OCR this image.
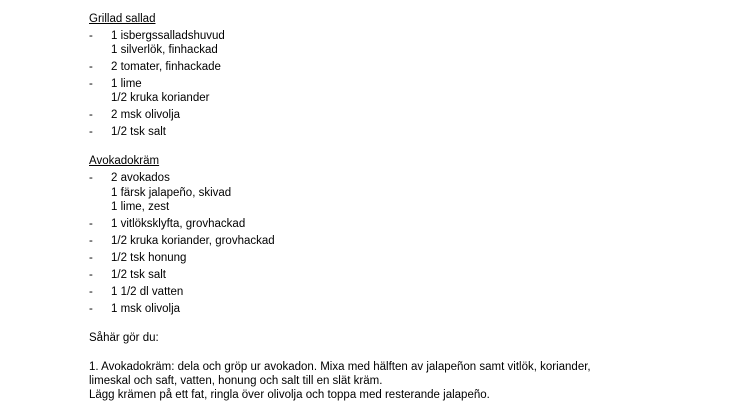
Grillad sallad
- 1 isbergssalladshuvud
1 silverlök, finhackad
- 2 tomater, finhackade
- 1 lime
1/2 kruka koriander
- 2 msk olivolja
- 1/2 tsk salt
Avokadokräm
- 2 avokados
1 färsk jalapeño, skivad
1 lime, zest
- 1 vitlöksklyfta, grovhackad
- 1/2 kruka koriander, grovhackad
- 1/2 tsk honung
- 1/2 tsk salt
- 1 1/2 dl vatten
- 1 msk olivolja
Såhär gör du:
1. Avokadokräm: dela och gröp ur avokadon. Mixa med hälften av jalapeñon samt vitlök, koriander,
limeskal och saft, vatten, honung och salt till en slät kräm.
Lägg krämen på ett fat, ringla över olivolja och toppa med resterande jalapeño.
